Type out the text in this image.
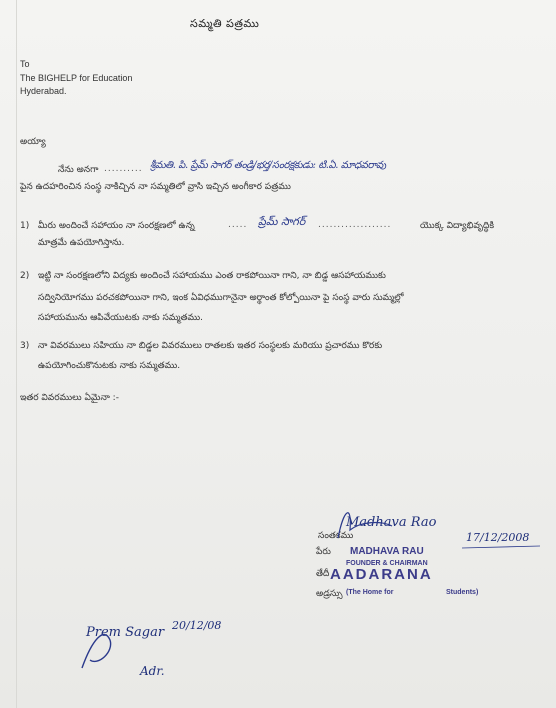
సమ్మతి పత్రము
To
The BIGHELP for Education
Hyderabad.
అయ్యా
నేను అనగా .......... శ్రీమతి. పి. ప్రేమ్ సాగర్ తండ్రి/భర్త/సంరక్షకుడు: టి.ఏ. మాధవరావు
పైన ఉదహరించిన సంస్థ నాకిచ్చిన నా సమ్మతిలో వ్రాసి ఇచ్చిన అంగీకార పత్రము
1) మీరు అందించే సహాయం నా సంరక్షణలో ఉన్న	..... ప్రేమ్ సాగర్ ...................	యొక్క విద్యాభివృద్ధికి
మాత్రమే ఉపయోగిస్తాను.
2) ఇట్టి నా సంరక్షణలోని విద్యకు అందించే సహాయము ఎంత రాకపోయినా గాని, నా బిడ్డ ఆసహాయముకు
సద్వినియోగము పరచకపోయినా గాని, ఇంక ఏవిధముగానైనా అర్థాంత కోల్పోయినా పై సంస్థ వారు సుమ్మల్లో
సహాయమును ఆపివేయుటకు నాకు సమ్మతము.
3) నా వివరములు సహియు నా బిడ్డల వివరములు రాతలకు ఇతర సంస్థలకు మరియు ప్రచారము కొరకు
ఉపయోగించుకొనుటకు నాకు సమ్మతము.
ఇతర వివరములు ఏమైనా :-
సంతకము
Madhava Rao
17/12/2008
పేరు MADHAVA RAU
FOUNDER & CHAIRMAN
తేదీ AADARANA
అడ్రస్సు (The Home for	Students)
Prem Sagar 20/12/08
Adr.
